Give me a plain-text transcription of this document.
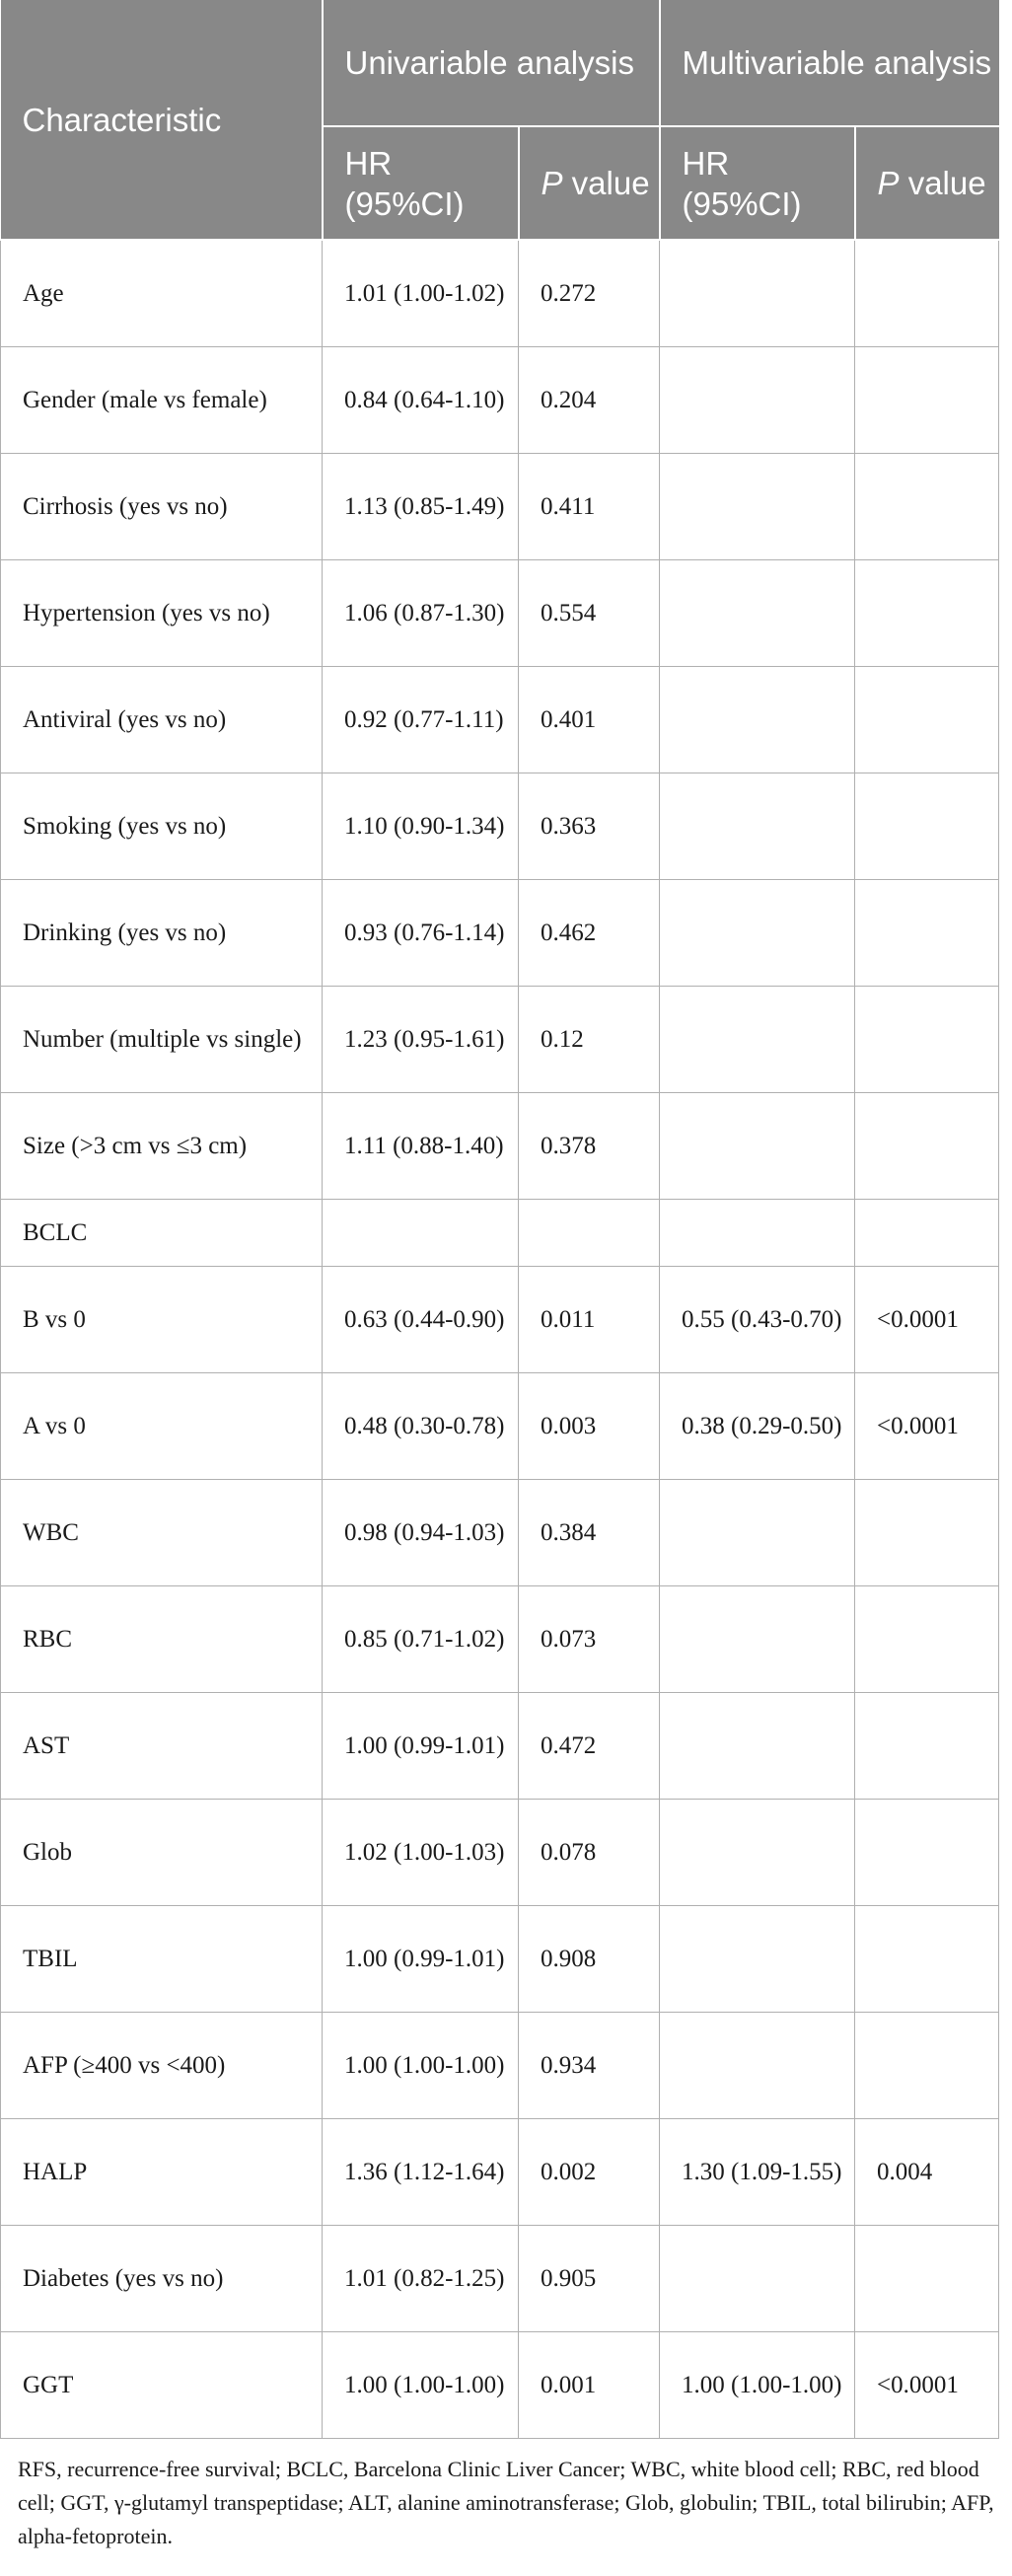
Characteristic	Univariable analysis		Multivariable analysis	
	HR (95%CI)	P value	HR (95%CI)	P value
Age	1.01 (1.00-1.02)	0.272		
Gender (male vs female)	0.84 (0.64-1.10)	0.204		
Cirrhosis (yes vs no)	1.13 (0.85-1.49)	0.411		
Hypertension (yes vs no)	1.06 (0.87-1.30)	0.554		
Antiviral (yes vs no)	0.92 (0.77-1.11)	0.401		
Smoking (yes vs no)	1.10 (0.90-1.34)	0.363		
Drinking (yes vs no)	0.93 (0.76-1.14)	0.462		
Number (multiple vs single)	1.23 (0.95-1.61)	0.12		
Size (>3 cm vs ≤3 cm)	1.11 (0.88-1.40)	0.378		
BCLC				
B vs 0	0.63 (0.44-0.90)	0.011	0.55 (0.43-0.70)	<0.0001
A vs 0	0.48 (0.30-0.78)	0.003	0.38 (0.29-0.50)	<0.0001
WBC	0.98 (0.94-1.03)	0.384		
RBC	0.85 (0.71-1.02)	0.073		
AST	1.00 (0.99-1.01)	0.472		
Glob	1.02 (1.00-1.03)	0.078		
TBIL	1.00 (0.99-1.01)	0.908		
AFP (≥400 vs <400)	1.00 (1.00-1.00)	0.934		
HALP	1.36 (1.12-1.64)	0.002	1.30 (1.09-1.55)	0.004
Diabetes (yes vs no)	1.01 (0.82-1.25)	0.905		
GGT	1.00 (1.00-1.00)	0.001	1.00 (1.00-1.00)	<0.0001
RFS, recurrence-free survival; BCLC, Barcelona Clinic Liver Cancer; WBC, white blood cell; RBC, red blood cell; GGT, γ-glutamyl transpeptidase; ALT, alanine aminotransferase; Glob, globulin; TBIL, total bilirubin; AFP, alpha-fetoprotein.
